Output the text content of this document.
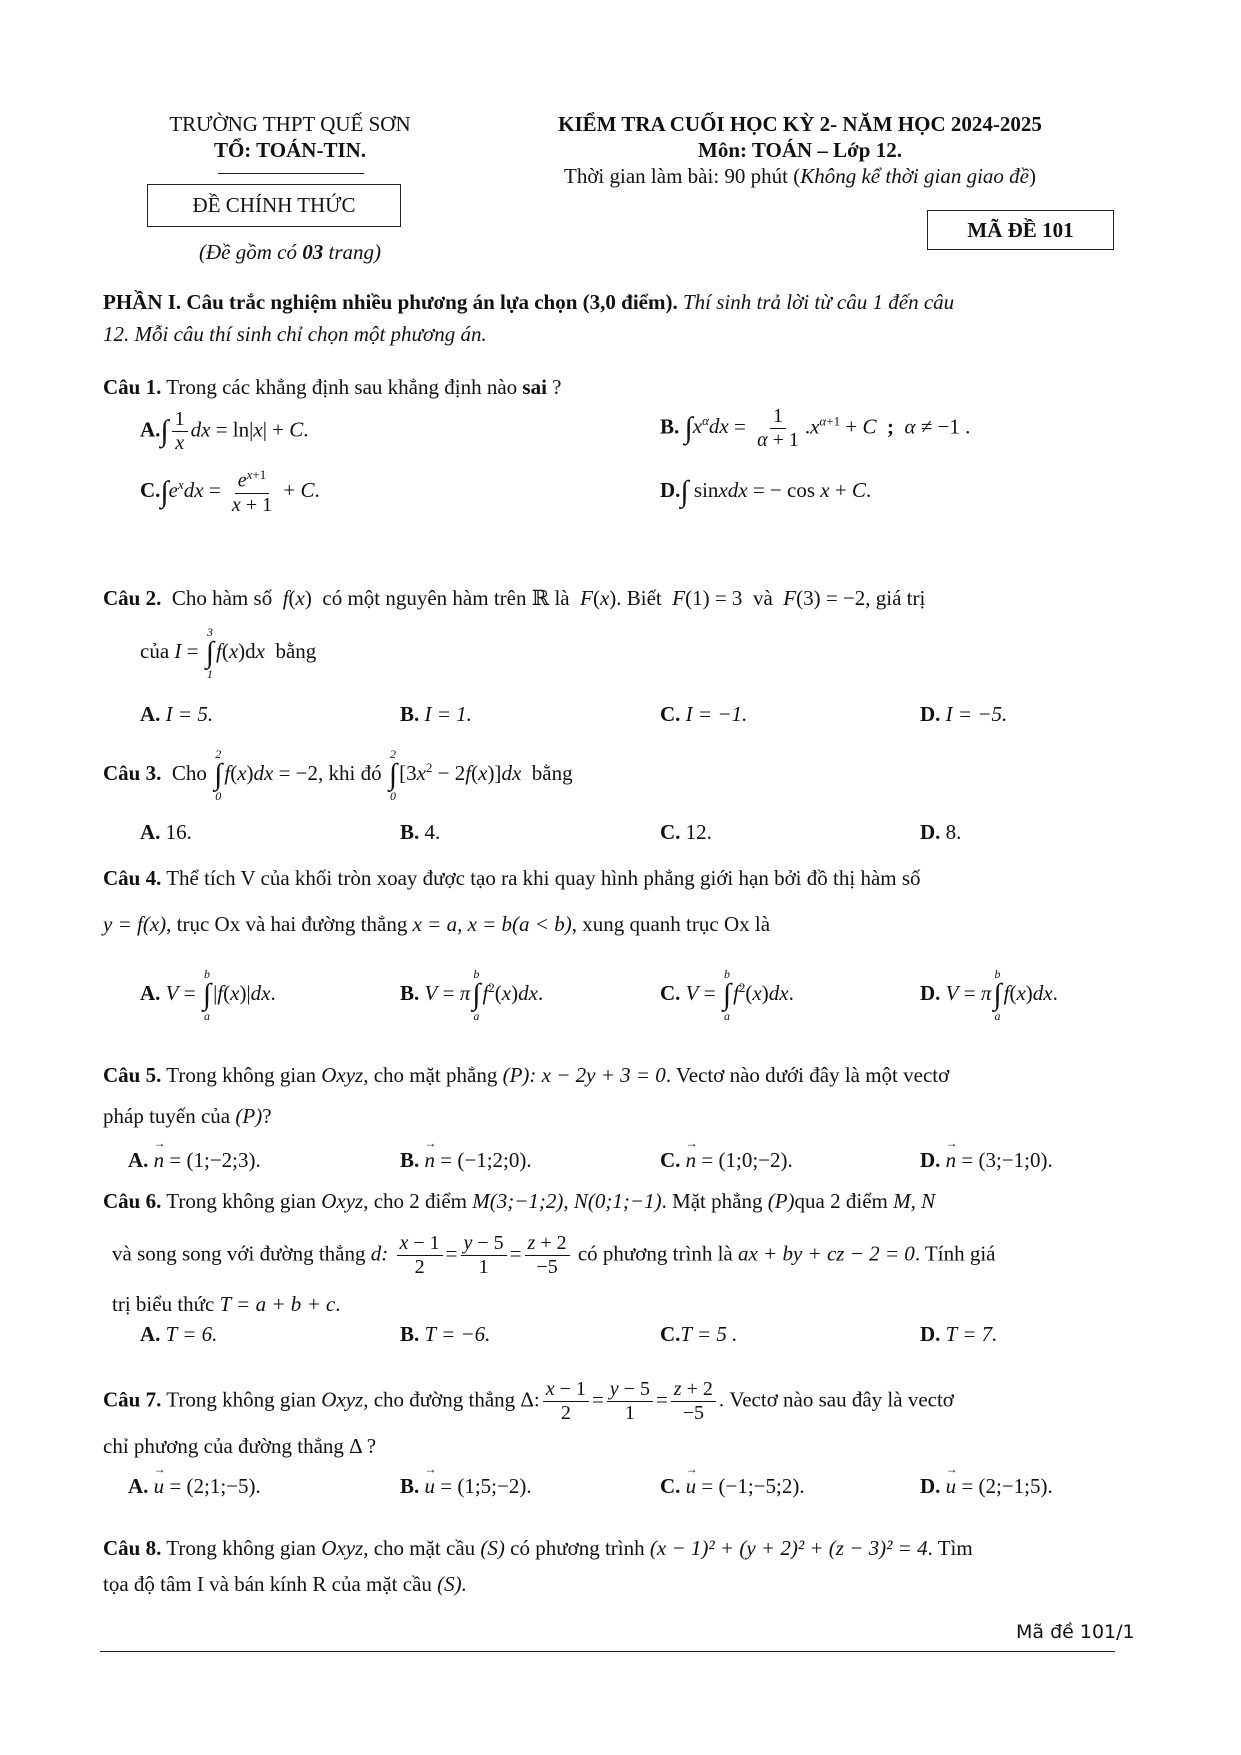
TRƯỜNG THPT QUẾ SƠN
TỔ: TOÁN-TIN.
ĐỀ CHÍNH THỨC
(Đề gồm có 03 trang)
KIỂM TRA CUỐI HỌC KỲ 2- NĂM HỌC 2024-2025
Môn: TOÁN – Lớp 12.
Thời gian làm bài: 90 phút (Không kể thời gian giao đề)
MÃ ĐỀ 101
PHẦN I. Câu trắc nghiệm nhiều phương án lựa chọn (3,0 điểm). Thí sinh trả lời từ câu 1 đến câu
12. Mỗi câu thí sinh chỉ chọn một phương án.
Câu 1. Trong các khẳng định sau khẳng định nào sai ?
$A.\int \frac{1}{x}$ dx = ln|x| + C.	B. $\int x^\alpha dx = \frac{1}{\alpha + 1} .x^{\alpha+1} + C$ ; α ≠ −1 .
$C.\int e^xdx = \frac{e^{x+1}}{x + 1} + C$.	D.∫ sinxdx = − cos x + C.
Câu 2. Cho hàm số f(x)  có một nguyên hàm trên ℝ là F(x). Biết F(1) = 3  và F(3) = −2, giá trị
của I =
3
∫
1
f(x)dx bằng
A. I = 5.	B. I = 1.	C. I = −1.	D. I = −5.
Câu 3. Cho
2
∫
0
f(x)dx = −2, khi đó
2
∫
0
$[3x^2 - 2f(x)]dx$ bằng
A. 16.	B. 4.	C. 12.	D. 8.
Câu 4. Thể tích V của khối tròn xoay được tạo ra khi quay hình phẳng giới hạn bởi đồ thị hàm số
y = f(x), trục Ox và hai đường thẳng x = a, x = b(a < b), xung quanh trục Ox là
A. V =
b
∫
a
|f(x)|dx.	B. V = π
b
∫
a
$f^2(x)dx$.	C. V =
b
∫
a
$f^2(x)dx$.	D. V = π
b
∫
a
f(x)dx.
Câu 5. Trong không gian Oxyz, cho mặt phẳng (P): x − 2y + 3 = 0. Vectơ nào dưới đây là một vectơ
pháp tuyến của (P)?
A. → n = (1;−2;3).	B. → n = (−1;2;0).	C. → n = (1;0;−2).	D. → n = (3;−1;0).
Câu 6. Trong không gian Oxyz, cho 2 điểm M(3;−1;2), N(0;1;−1). Mặt phẳng (P)qua 2 điểm M, N
và song song với đường thẳng d: $\frac{x - 1}{2} = \frac{y - 5}{1} = \frac{z + 2}{-5}$ có phương trình là ax + by + cz − 2 = 0. Tính giá
trị biểu thức T = a + b + c.
A. T = 6.	B. T = −6.	C.T = 5 .	D. T = 7.
Câu 7. Trong không gian Oxyz, cho đường thẳng Δ: $\frac{x - 1}{2} = \frac{y - 5}{1} = \frac{z + 2}{-5}$ . Vectơ nào sau đây là vectơ
chỉ phương của đường thẳng Δ ?
A. → u = (2;1;−5).	B. → u = (1;5;−2).	C. → u = (−1;−5;2).	D. → u = (2;−1;5).
Câu 8. Trong không gian Oxyz, cho mặt cầu (S) có phương trình (x − 1)² + (y + 2)² + (z − 3)² = 4. Tìm
tọa độ tâm I và bán kính R của mặt cầu (S).
Mã đề 101/1
